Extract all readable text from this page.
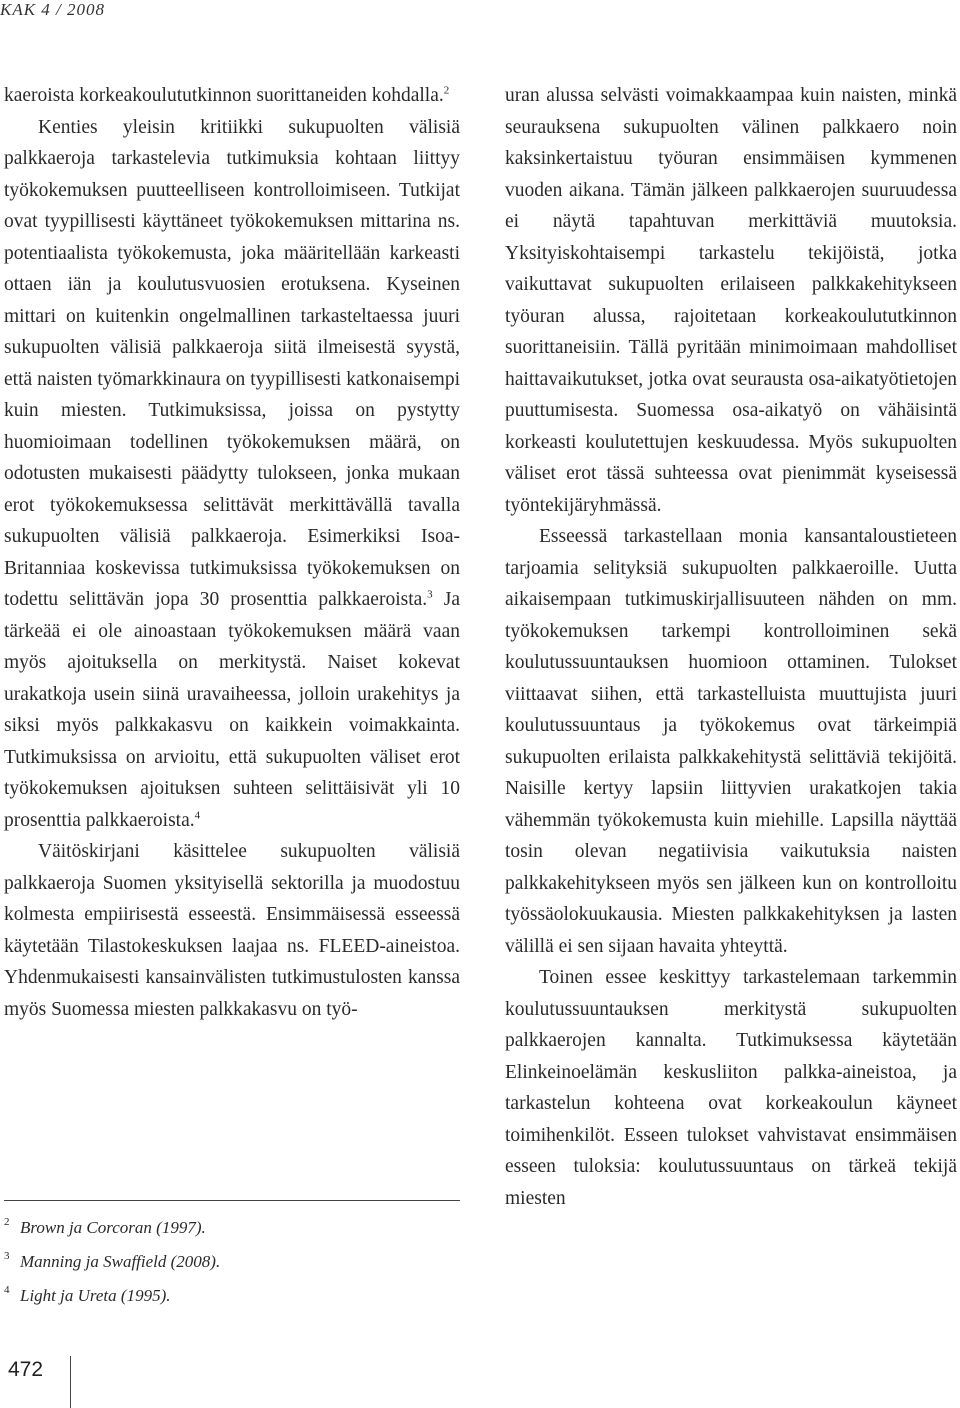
KAK 4 / 2008

kaeroista korkeakoulututkinnon suorittaneiden kohdalla.$^2$

Kenties yleisin kritiikki sukupuolten välisiä palkkaeroja tarkastelevia tutkimuksia kohtaan liittyy työkokemuksen puutteelliseen kontrolloimiseen. Tutkijat ovat tyypillisesti käyttäneet työkokemuksen mittarina ns. potentiaalista työkokemusta, joka määritellään karkeasti ottaen iän ja koulutusvuosien erotuksena. Kyseinen mittari on kuitenkin ongelmallinen tarkasteltaessa juuri sukupuolten välisiä palkkaeroja siitä ilmeisestä syystä, että naisten työmarkkinaura on tyypillisesti katkonaisempi kuin miesten. Tutkimuksissa, joissa on pystytty huomioimaan todellinen työkokemuksen määrä, on odotusten mukaisesti päädytty tulokseen, jonka mukaan erot työkokemuksessa selittävät merkittävällä tavalla sukupuolten välisiä palkkaeroja. Esimerkiksi Isoa-Britanniaa koskevissa tutkimuksissa työkokemuksen on todettu selittävän jopa 30 prosenttia palkkaeroista.$^3$ Ja tärkeää ei ole ainoastaan työkokemuksen määrä vaan myös ajoituksella on merkitystä. Naiset kokevat urakatkoja usein siinä uravaiheessa, jolloin urakehitys ja siksi myös palkkakasvu on kaikkein voimakkainta. Tutkimuksissa on arvioitu, että sukupuolten väliset erot työkokemuksen ajoituksen suhteen selittäisivät yli 10 prosenttia palkkaeroista.$^4$

Väitöskirjani käsittelee sukupuolten välisiä palkkaeroja Suomen yksityisellä sektorilla ja muodostuu kolmesta empiirisestä esseestä. Ensimmäisessä esseessä käytetään Tilastokeskuksen laajaa ns. FLEED-aineistoa. Yhdenmukaisesti kansainvälisten tutkimustulosten kanssa myös Suomessa miesten palkkakasvu on työ-

uran alussa selvästi voimakkaampaa kuin naisten, minkä seurauksena sukupuolten välinen palkkaero noin kaksinkertaistuu työuran ensimmäisen kymmenen vuoden aikana. Tämän jälkeen palkkaerojen suuruudessa ei näytä tapahtuvan merkittäviä muutoksia. Yksityiskohtaisempi tarkastelu tekijöistä, jotka vaikuttavat sukupuolten erilaiseen palkkakehitykseen työuran alussa, rajoitetaan korkeakoulututkinnon suorittaneisiin. Tällä pyritään minimoimaan mahdolliset haittavaikutukset, jotka ovat seurausta osa-aikatyötietojen puuttumisesta. Suomessa osa-aikatyö on vähäisintä korkeasti koulutettujen keskuudessa. Myös sukupuolten väliset erot tässä suhteessa ovat pienimmät kyseisessä työntekijäryhmässä.

Esseessä tarkastellaan monia kansantaloustieteen tarjoamia selityksiä sukupuolten palkkaeroille. Uutta aikaisempaan tutkimuskirjallisuuteen nähden on mm. työkokemuksen tarkempi kontrolloiminen sekä koulutussuuntauksen huomioon ottaminen. Tulokset viittaavat siihen, että tarkastelluista muuttujista juuri koulutussuuntaus ja työkokemus ovat tärkeimpiä sukupuolten erilaista palkkakehitystä selittäviä tekijöitä. Naisille kertyy lapsiin liittyvien urakatkojen takia vähemmän työkokemusta kuin miehille. Lapsilla näyttää tosin olevan negatiivisia vaikutuksia naisten palkkakehitykseen myös sen jälkeen kun on kontrolloitu työssäolokuukausia. Miesten palkkakehityksen ja lasten välillä ei sen sijaan havaita yhteyttä.

Toinen essee keskittyy tarkastelemaan tarkemmin koulutussuuntauksen merkitystä sukupuolten palkkaerojen kannalta. Tutkimuksessa käytetään Elinkeinoelämän keskusliiton palkka-aineistoa, ja tarkastelun kohteena ovat korkeakoulun käyneet toimihenkilöt. Esseen tulokset vahvistavat ensimmäisen esseen tuloksia: koulutussuuntaus on tärkeä tekijä miesten

2 Brown ja Corcoran (1997).
3 Manning ja Swaffield (2008).
4 Light ja Ureta (1995).
472
